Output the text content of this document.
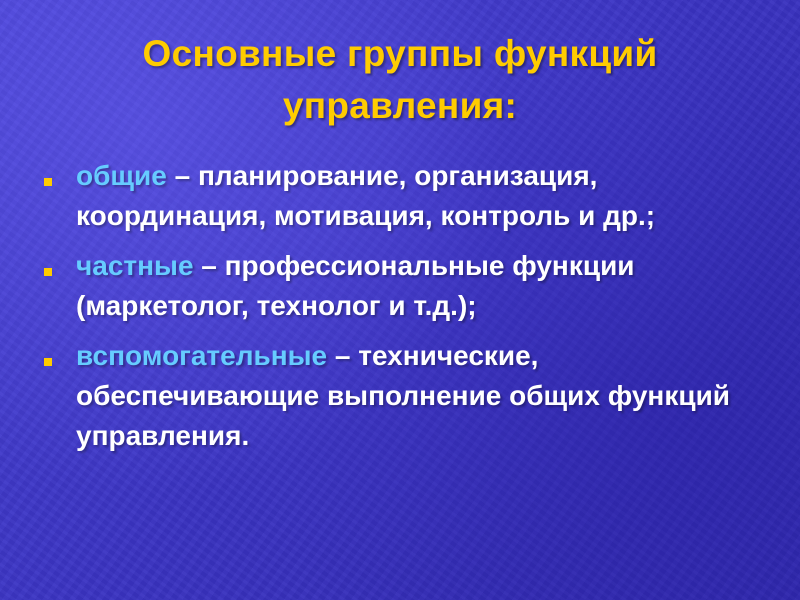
Основные группы функций
управления:
общие – планирование, организация, координация, мотивация, контроль и др.;
частные – профессиональные функции (маркетолог, технолог и т.д.);
вспомогательные – технические, обеспечивающие выполнение общих функций управления.
